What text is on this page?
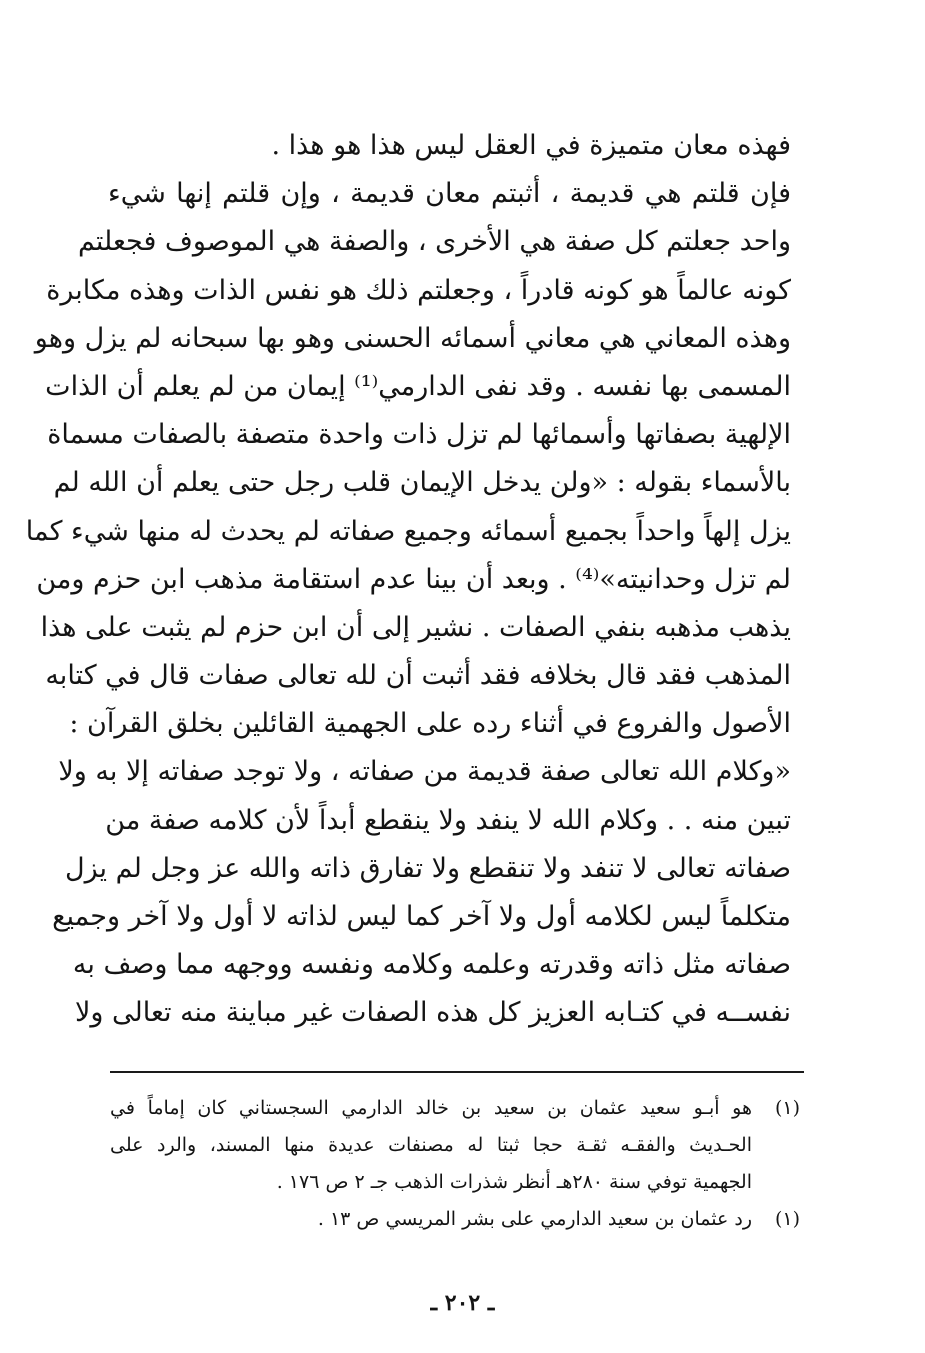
فهذه معان متميزة في العقل ليس هذا هو هذا .
فإن قلتم هي قديمة ، أثبتم معان قديمة ، وإن قلتم إنها شيء
واحد جعلتم كل صفة هي الأخرى ، والصفة هي الموصوف فجعلتم
كونه عالماً هو كونه قادراً ، وجعلتم ذلك هو نفس الذات وهذه مكابرة
وهذه المعاني هي معاني أسمائه الحسنى وهو بها سبحانه لم يزل وهو
المسمى بها نفسه . وقد نفى الدارمي⁽¹⁾ إيمان من لم يعلم أن الذات
الإلهية بصفاتها وأسمائها لم تزل ذات واحدة متصفة بالصفات مسماة
بالأسماء بقوله : «ولن يدخل الإيمان قلب رجل حتى يعلم أن الله لم
يزل إلهاً واحداً بجميع أسمائه وجميع صفاته لم يحدث له منها شيء كما
لم تزل وحدانيته»⁽⁴⁾ . وبعد أن بينا عدم استقامة مذهب ابن حزم ومن
يذهب مذهبه بنفي الصفات . نشير إلى أن ابن حزم لم يثبت على هذا
المذهب فقد قال بخلافه فقد أثبت أن لله تعالى صفات قال في كتابه
الأصول والفروع في أثناء رده على الجهمية القائلين بخلق القرآن :
«وكلام الله تعالى صفة قديمة من صفاته ، ولا توجد صفاته إلا به ولا
تبين منه . . وكلام الله لا ينفد ولا ينقطع أبداً لأن كلامه صفة من
صفاته تعالى لا تنفد ولا تنقطع ولا تفارق ذاته والله عز وجل لم يزل
متكلماً ليس لكلامه أول ولا آخر كما ليس لذاته لا أول ولا آخر وجميع
صفاته مثل ذاته وقدرته وعلمه وكلامه ونفسه ووجهه مما وصف به
نفســه في كتـابه العزيز كل هذه الصفات غير مباينة منه تعالى ولا
(١)
هو أبـو سعيد عثمان بن سعيد بن خالد الدارمي السجستاني كان إماماً في
الحـديث والفقـه ثقـة حجا ثبتا له مصنفات عديدة منها المسند، والرد على
الجهمية توفي سنة ٢٨٠هـ أنظر شذرات الذهب جـ ٢ ص ١٧٦ .
(١)
رد عثمان بن سعيد الدارمي على بشر المريسي ص ١٣ .
ـ ٢٠٢ ـ
